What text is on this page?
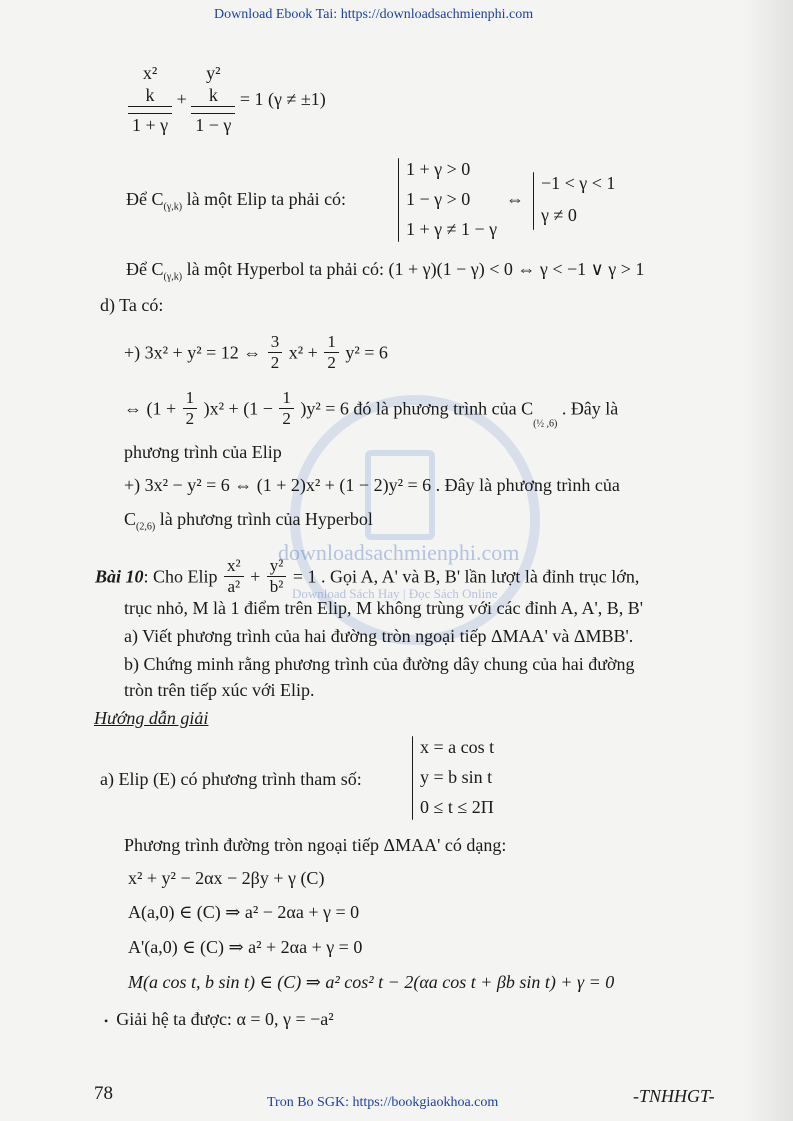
Download Ebook Tai: https://downloadsachmienphi.com
downloadsachmienphi.com
Download Sách Hay | Đọc Sách Online
x²
k
1 + γ
+
y²
k
1 − γ
= 1 (γ ≠ ±1)
Để $C_{(\gamma,k)}$ là một Elip ta phải có:
1 + γ > 0
1 − γ > 0
1 + γ ≠ 1 − γ
⇔
−1 < γ < 1
γ ≠ 0
Để $C_{(\gamma,k)}$ là một Hyperbol ta phải có: (1 + γ)(1 − γ) < 0 ⇔ γ < −1 ∨ γ > 1
d) Ta có:
+) 3x² + y² = 12 ⇔ $\frac{3}{2} x^2 + \frac{1}{2} y^2 = 6$
⇔ $(1 + \frac{1}{2} )x^2 + (1 - \frac{1}{2} )y^2 = 6$ đó là phương trình của $C_{(\frac{1}{2} ,6)}$ . Đây là
phương trình của Elip
+) 3x² − y² = 6 ⇔ (1 + 2)x² + (1 − 2)y² = 6 . Đây là phương trình của
$C_{(2,6)}$ là phương trình của Hyperbol
Bài 10: Cho Elip $\frac{\text{x²}}{\text{a²}} + \frac{\text{y²}}{\text{b²}} = 1$ . Gọi A, A' và B, B' lần lượt là đỉnh trục lớn,
trục nhỏ, M là 1 điểm trên Elip, M không trùng với các đỉnh A, A', B, B'
a) Viết phương trình của hai đường tròn ngoại tiếp ΔMAA' và ΔMBB'.
b) Chứng minh rằng phương trình của đường dây chung của hai đường
tròn trên tiếp xúc với Elip.
Hướng dẫn giải
a) Elip (E) có phương trình tham số:
x = a cos t
y = b sin t
0 ≤ t ≤ 2Π
Phương trình đường tròn ngoại tiếp ΔMAA' có dạng:
x² + y² − 2αx − 2βy + γ (C)
A(a,0) ∈ (C) ⇒ a² − 2αa + γ = 0
A'(a,0) ∈ (C) ⇒ a² + 2αa + γ = 0
M(a cos t, b sin t) ∈ (C) ⇒ a² cos² t − 2(αa cos t + βb sin t) + γ = 0
• Giải hệ ta được: α = 0, γ = −a²
78	Tron Bo SGK: https://bookgiaokhoa.com	-TNHHGT-
